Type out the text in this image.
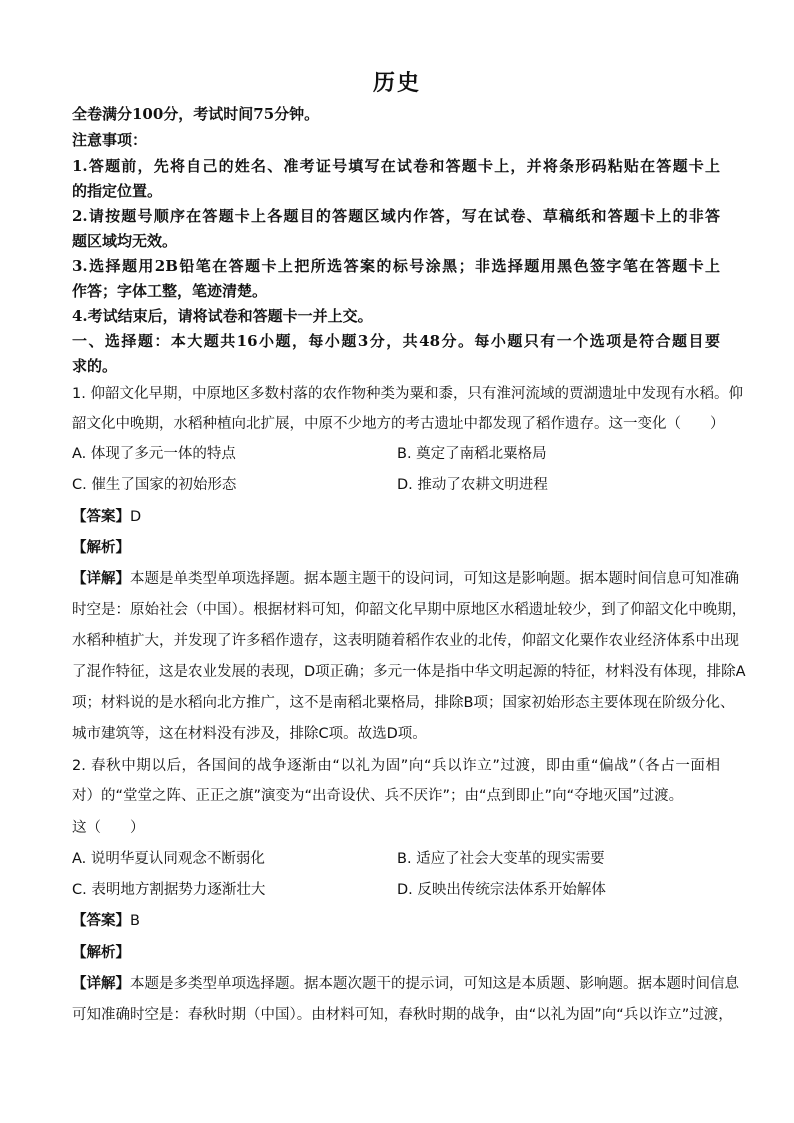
历史
全卷满分100分，考试时间75分钟。
注意事项：
1.答题前，先将自己的姓名、准考证号填写在试卷和答题卡上，并将条形码粘贴在答题卡上
的指定位置。
2.请按题号顺序在答题卡上各题目的答题区域内作答，写在试卷、草稿纸和答题卡上的非答
题区域均无效。
3.选择题用2B铅笔在答题卡上把所选答案的标号涂黑；非选择题用黑色签字笔在答题卡上
作答；字体工整，笔迹清楚。
4.考试结束后，请将试卷和答题卡一并上交。
一、选择题：本大题共16小题，每小题3分，共48分。每小题只有一个选项是符合题目要
求的。
1. 仰韶文化早期，中原地区多数村落的农作物种类为粟和黍，只有淮河流域的贾湖遗址中发现有水稻。仰
韶文化中晚期，水稻种植向北扩展，中原不少地方的考古遗址中都发现了稻作遗存。这一变化（　　）
A. 体现了多元一体的特点	B. 奠定了南稻北粟格局
C. 催生了国家的初始形态	D. 推动了农耕文明进程
【答案】D
【解析】
【详解】本题是单类型单项选择题。据本题主题干的设问词，可知这是影响题。据本题时间信息可知准确
时空是：原始社会（中国）。根据材料可知，仰韶文化早期中原地区水稻遗址较少，到了仰韶文化中晚期，
水稻种植扩大，并发现了许多稻作遗存，这表明随着稻作农业的北传，仰韶文化粟作农业经济体系中出现
了混作特征，这是农业发展的表现，D项正确；多元一体是指中华文明起源的特征，材料没有体现，排除A
项；材料说的是水稻向北方推广，这不是南稻北粟格局，排除B项；国家初始形态主要体现在阶级分化、
城市建筑等，这在材料没有涉及，排除C项。故选D项。
2. 春秋中期以后，各国间的战争逐渐由“以礼为固”向“兵以诈立”过渡，即由重“偏战”（各占一面相
对）的“堂堂之阵、正正之旗”演变为“出奇设伏、兵不厌诈”；由“点到即止”向“夺地灭国”过渡。
这（　　）
A. 说明华夏认同观念不断弱化	B. 适应了社会大变革的现实需要
C. 表明地方割据势力逐渐壮大	D. 反映出传统宗法体系开始解体
【答案】B
【解析】
【详解】本题是多类型单项选择题。据本题次题干的提示词，可知这是本质题、影响题。据本题时间信息
可知准确时空是：春秋时期（中国）。由材料可知，春秋时期的战争，由“以礼为固”向“兵以诈立”过渡，
